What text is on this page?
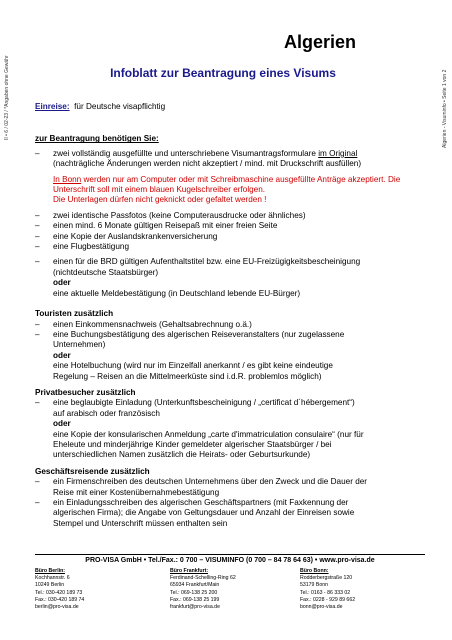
II • 6 / 02-23 / *Angaben ohne Gewähr	Algerien - Visuminfo • Seite 1 von 2
Algerien
Infoblatt zur Beantragung eines Visums
Einreise: für Deutsche visapflichtig
zur Beantragung benötigen Sie:
– zwei vollständig ausgefüllte und unterschriebene Visumantragsformulare im Original
(nachträgliche Änderungen werden nicht akzeptiert / mind. mit Druckschrift ausfüllen)
In Bonn werden nur am Computer oder mit Schreibmaschine ausgefüllte Anträge akzeptiert. Die Unterschrift soll mit einem blauen Kugelschreiber erfolgen.
Die Unterlagen dürfen nicht geknickt oder gefaltet werden !
– zwei identische Passfotos (keine Computerausdrucke oder ähnliches)
– einen mind. 6 Monate gültigen Reisepaß mit einer freien Seite
– eine Kopie der Auslandskrankenversicherung
– eine Flugbestätigung
– einen für die BRD gültigen Aufenthaltstitel bzw. eine EU-Freizügigkeitsbescheinigung
(nichtdeutsche Staatsbürger)
oder
eine aktuelle Meldebestätigung (in Deutschland lebende EU-Bürger)
Touristen zusätzlich
– einen Einkommensnachweis (Gehaltsabrechnung o.ä.)
– eine Buchungsbestätigung des algerischen Reiseveranstalters (nur zugelassene
Unternehmen)
oder
eine Hotelbuchung (wird nur im Einzelfall anerkannt / es gibt keine eindeutige
Regelung – Reisen an die Mittelmeerküste sind i.d.R. problemlos möglich)
Privatbesucher zusätzlich
– eine beglaubigte Einladung (Unterkunftsbescheinigung / „certificat d´hébergement“)
auf arabisch oder französisch
oder
eine Kopie der konsularischen Anmeldung „carte d'immatriculation consulaire“ (nur für
Eheleute und minderjährige Kinder gemeldeter algerischer Staatsbürger / bei
unterschiedlichen Namen zusätzlich die Heirats- oder Geburtsurkunde)
Geschäftsreisende zusätzlich
– ein Firmenschreiben des deutschen Unternehmens über den Zweck und die Dauer der
Reise mit einer Kostenübernahmebestätigung
– ein Einladungsschreiben des algerischen Geschäftspartners (mit Faxkennung der
algerischen Firma); die Angabe von Geltungsdauer und Anzahl der Einreisen sowie
Stempel und Unterschrift müssen enthalten sein
PRO-VISA GmbH • Tel./Fax.: 0 700 – VISUMINFO (0 700 – 84 78 64 63) • www.pro-visa.de
Büro Berlin:
Kochhannstr. 6
10249 Berlin
Tel.: 030-420 189 73
Fax.: 030-420 189 74
berlin@pro-visa.de
Büro Frankfurt:
Ferdinand-Schelling-Ring 62
65934 Frankfurt/Main
Tel.: 069-138 25 200
Fax.: 069-138 25 199
frankfurt@pro-visa.de
Büro Bonn:
Rodderbergstraße 120
53179 Bonn
Tel.: 0163 - 86 333 02
Fax.: 0228 - 929 89 662
bonn@pro-visa.de
